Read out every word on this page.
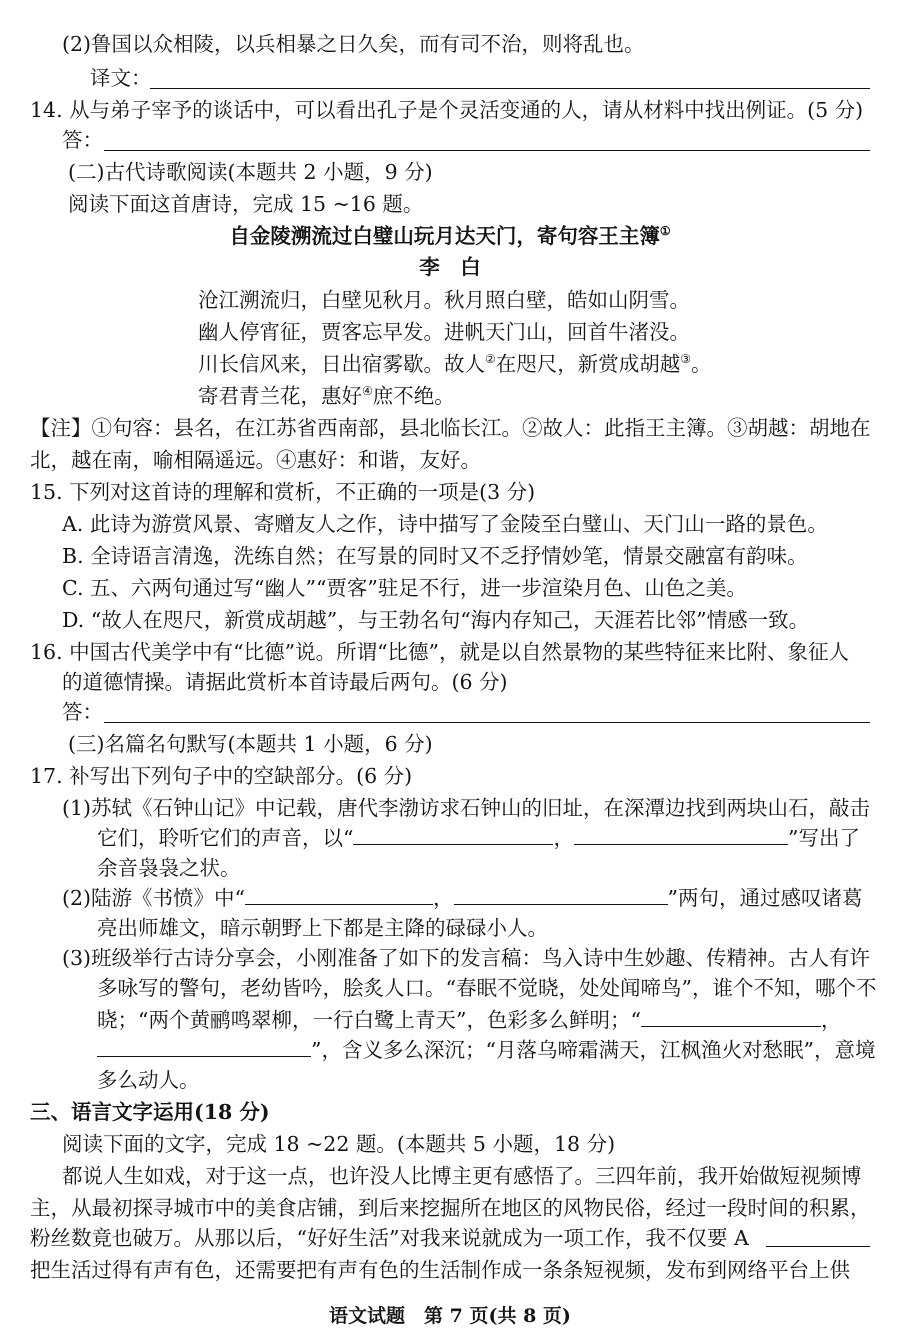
(2)鲁国以众相陵，以兵相暴之日久矣，而有司不治，则将乱也。
译文：
14. 从与弟子宰予的谈话中，可以看出孔子是个灵活变通的人，请从材料中找出例证。(5 分)
答：
(二)古代诗歌阅读(本题共 2 小题，9 分)
阅读下面这首唐诗，完成 15 ~16 题。
自金陵溯流过白璧山玩月达天门，寄句容王主簿①
李　白
沧江溯流归，白壁见秋月。秋月照白壁，皓如山阴雪。
幽人停宵征，贾客忘早发。进帆天门山，回首牛渚没。
川长信风来，日出宿雾歇。故人②在咫尺，新赏成胡越③。
寄君青兰花，惠好④庶不绝。
【注】①句容：县名，在江苏省西南部，县北临长江。②故人：此指王主簿。③胡越：胡地在
北，越在南，喻相隔遥远。④惠好：和谐，友好。
15. 下列对这首诗的理解和赏析，不正确的一项是(3 分)
A. 此诗为游赏风景、寄赠友人之作，诗中描写了金陵至白璧山、天门山一路的景色。
B. 全诗语言清逸，洗练自然；在写景的同时又不乏抒情妙笔，情景交融富有韵味。
C. 五、六两句通过写“幽人”“贾客”驻足不行，进一步渲染月色、山色之美。
D. “故人在咫尺，新赏成胡越”，与王勃名句“海内存知己，天涯若比邻”情感一致。
16. 中国古代美学中有“比德”说。所谓“比德”，就是以自然景物的某些特征来比附、象征人
的道德情操。请据此赏析本首诗最后两句。(6 分)
答：
(三)名篇名句默写(本题共 1 小题，6 分)
17. 补写出下列句子中的空缺部分。(6 分)
(1)苏轼《石钟山记》中记载，唐代李渤访求石钟山的旧址，在深潭边找到两块山石，敲击
它们，聆听它们的声音，以“	，	”写出了
余音袅袅之状。
(2)陆游《书愤》中“	，	”两句，通过感叹诸葛
亮出师雄文，暗示朝野上下都是主降的碌碌小人。
(3)班级举行古诗分享会，小刚准备了如下的发言稿：鸟入诗中生妙趣、传精神。古人有许
多咏写的警句，老幼皆吟，脍炙人口。“春眠不觉晓，处处闻啼鸟”，谁个不知，哪个不
晓；“两个黄鹂鸣翠柳，一行白鹭上青天”，色彩多么鲜明；“	，
”，含义多么深沉；“月落乌啼霜满天，江枫渔火对愁眠”，意境
多么动人。
三、语言文字运用(18 分)
阅读下面的文字，完成 18 ~22 题。(本题共 5 小题，18 分)
都说人生如戏，对于这一点，也许没人比博主更有感悟了。三四年前，我开始做短视频博
主，从最初探寻城市中的美食店铺，到后来挖掘所在地区的风物民俗，经过一段时间的积累，
粉丝数竟也破万。从那以后，“好好生活”对我来说就成为一项工作，我不仅要 A
把生活过得有声有色，还需要把有声有色的生活制作成一条条短视频，发布到网络平台上供
语文试题　第 7 页(共 8 页)
